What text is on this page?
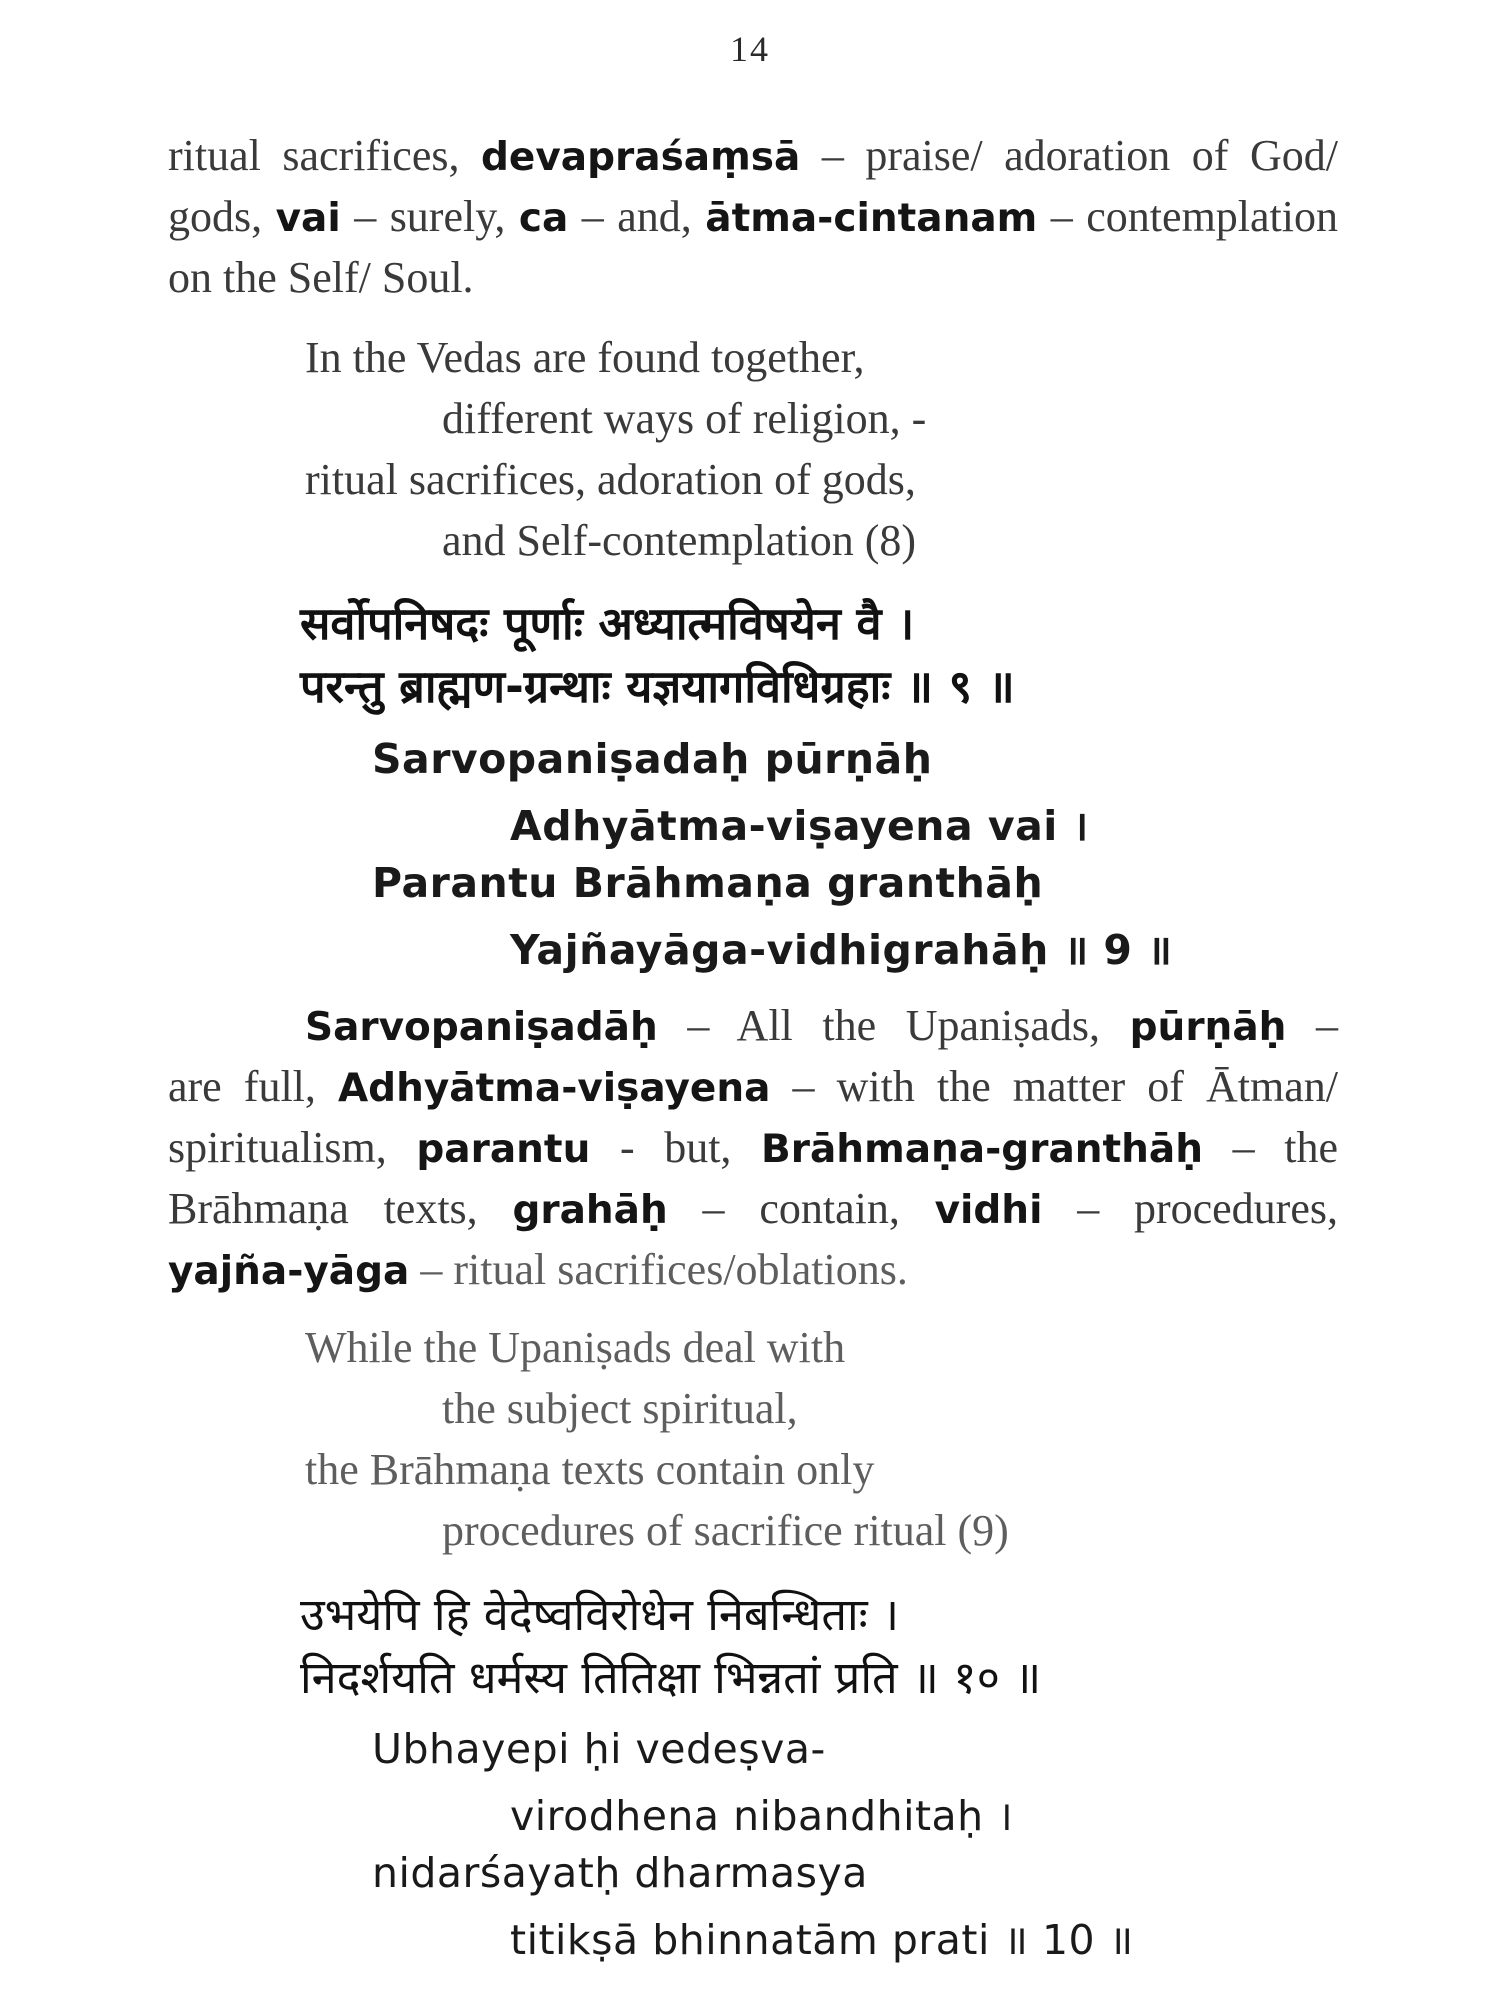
14
ritual sacrifices, devapraśaṃsā – praise/ adoration of God/
gods, vai – surely, ca – and, ātma-cintanam – contemplation
on the Self/ Soul.
In the Vedas are found together,
different ways of religion, -
ritual sacrifices, adoration of gods,
and Self-contemplation (8)
सर्वोपनिषदः पूर्णाः अध्यात्मविषयेन वै ।
परन्तु ब्राह्मण-ग्रन्थाः यज्ञयागविधिग्रहाः ॥ ९ ॥
Sarvopaniṣadaḥ pūrṇāḥ
Adhyātma-viṣayena vai ।
Parantu Brāhmaṇa granthāḥ
Yajñayāga-vidhigrahāḥ ॥ 9 ॥
Sarvopaniṣadāḥ – All the Upaniṣads, pūrṇāḥ –
are full, Adhyātma-viṣayena – with the matter of Ātman/
spiritualism, parantu - but, Brāhmaṇa-granthāḥ – the
Brāhmaṇa texts, grahāḥ – contain, vidhi – procedures,
yajña-yāga – ritual sacrifices/oblations.
While the Upaniṣads deal with
the subject spiritual,
the Brāhmaṇa texts contain only
procedures of sacrifice ritual (9)
उभयेपि हि वेदेष्वविरोधेन निबन्धिताः ।
निदर्शयति धर्मस्य तितिक्षा भिन्नतां प्रति ॥ १० ॥
Ubhayepi ḥi vedeṣva-
virodhena nibandhitaḥ ।
nidarśayatḥ dharmasya
titikṣā bhinnatām prati ॥ 10 ॥
